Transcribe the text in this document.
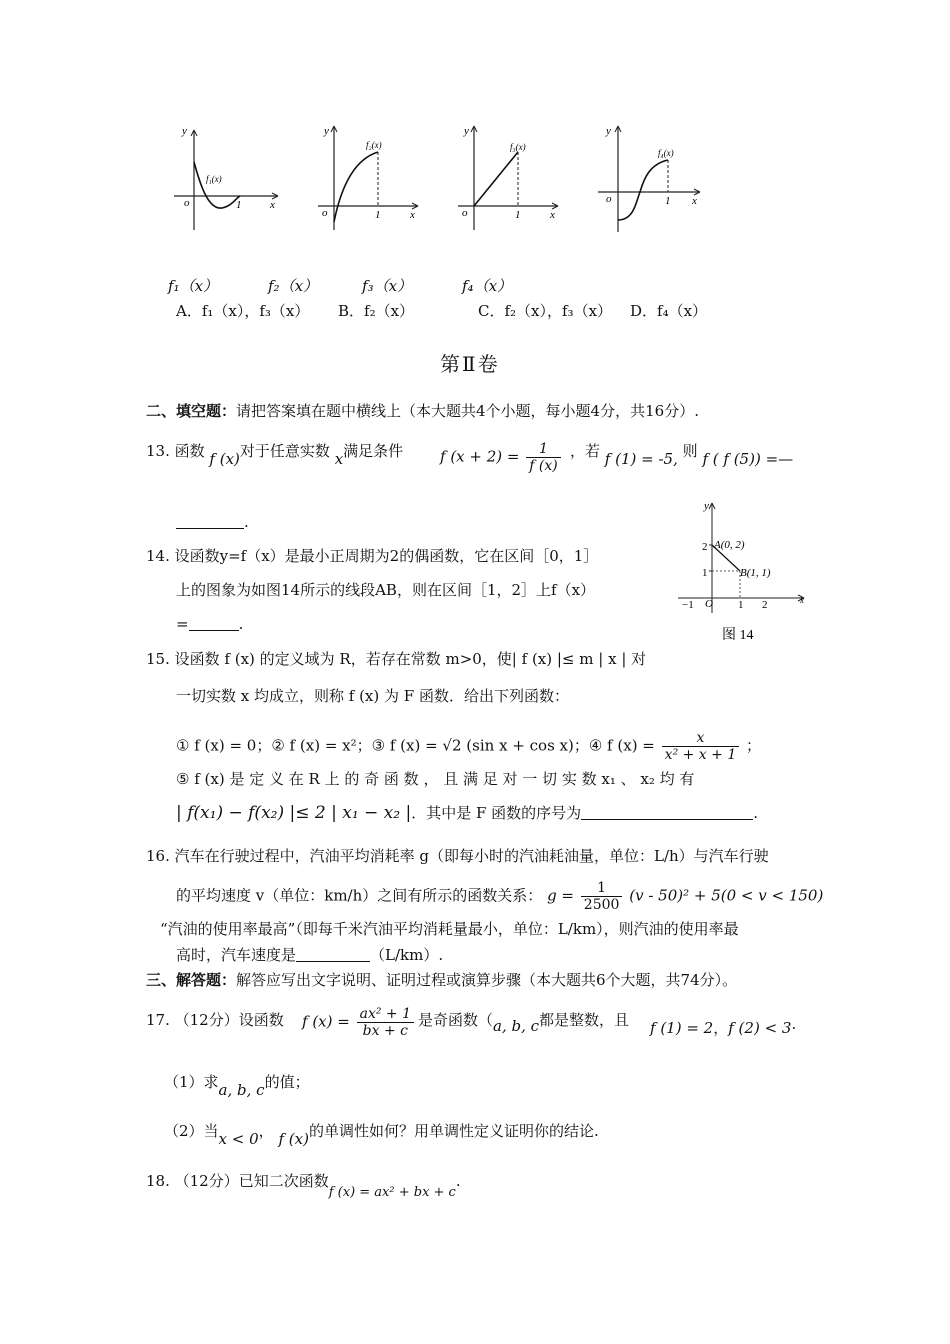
y
x
o	1
f₁(x)
y
x
o	1
f₂(x)
y
x
o	1
f₃(x)
y
x
o	1
f₄(x)
f₁（x）	f₂（x）	f₃（x）	f₄（x）
A．f₁（x），f₃（x） B．f₂（x）	C．f₂（x），f₃（x） D．f₄（x）
第Ⅱ卷
二、填空题：请把答案填在题中横线上（本大题共4个小题，每小题4分，共16分）.
13. 函数 f (x)对于任意实数 x满足条件 f $(x + 2) = \frac{1}{f (x)}$ ，若 f (1) = -5, 则 f ( f (5)) =—
.
14. 设函数y=f（x）是最小正周期为2的偶函数，它在区间［0，1］
上的图象为如图14所示的线段AB，则在区间［1，2］上f（x）
=	.
y
x
O
2
1
−1	1 2
A(0, 2)
B(1, 1)
图 14
15. 设函数 f (x) 的定义域为 R，若存在常数 m>0，使| f (x) |≤ m | x | 对
一切实数 x 均成立，则称 f (x) 为 F 函数．给出下列函数：
① f (x) = 0；② f (x) = x²；③ f (x) = √2 (sin x + cos x)；④ f $(x) = \frac{x}{\text{x² + x + 1}}$ ；
⑤ f (x) 是 定 义 在 R 上 的 奇 函 数 ， 且 满 足 对 一 切 实 数 x₁ 、 x₂ 均 有
| f(x₁) − f(x₂) |≤ 2 | x₁ − x₂ |．其中是 F 函数的序号为	.
16. 汽车在行驶过程中，汽油平均消耗率 g（即每小时的汽油耗油量，单位：L/h）与汽车行驶
的平均速度 v（单位：km/h）之间有所示的函数关系： $g = \frac{1}{2500} (v - 50)^2 + 5(0 < v < 150)$
“汽油的使用率最高”（即每千米汽油平均消耗量最小，单位：L/km），则汽油的使用率最
高时，汽车速度是	（L/km）.
三、解答题：解答应写出文字说明、证明过程或演算步骤（本大题共6个大题，共74分）。
17. （12分）设函数 f $(x) = \frac{\text{ax² + 1}}{bx + c}$ 是奇函数（a, b, c都是整数，且 f (1) = 2，f (2) < 3·
（1）求a, b, c的值；
（2）当x < 0， f (x)的单调性如何？用单调性定义证明你的结论.
18. （12分）已知二次函数f (x) = ax² + bx + c.
